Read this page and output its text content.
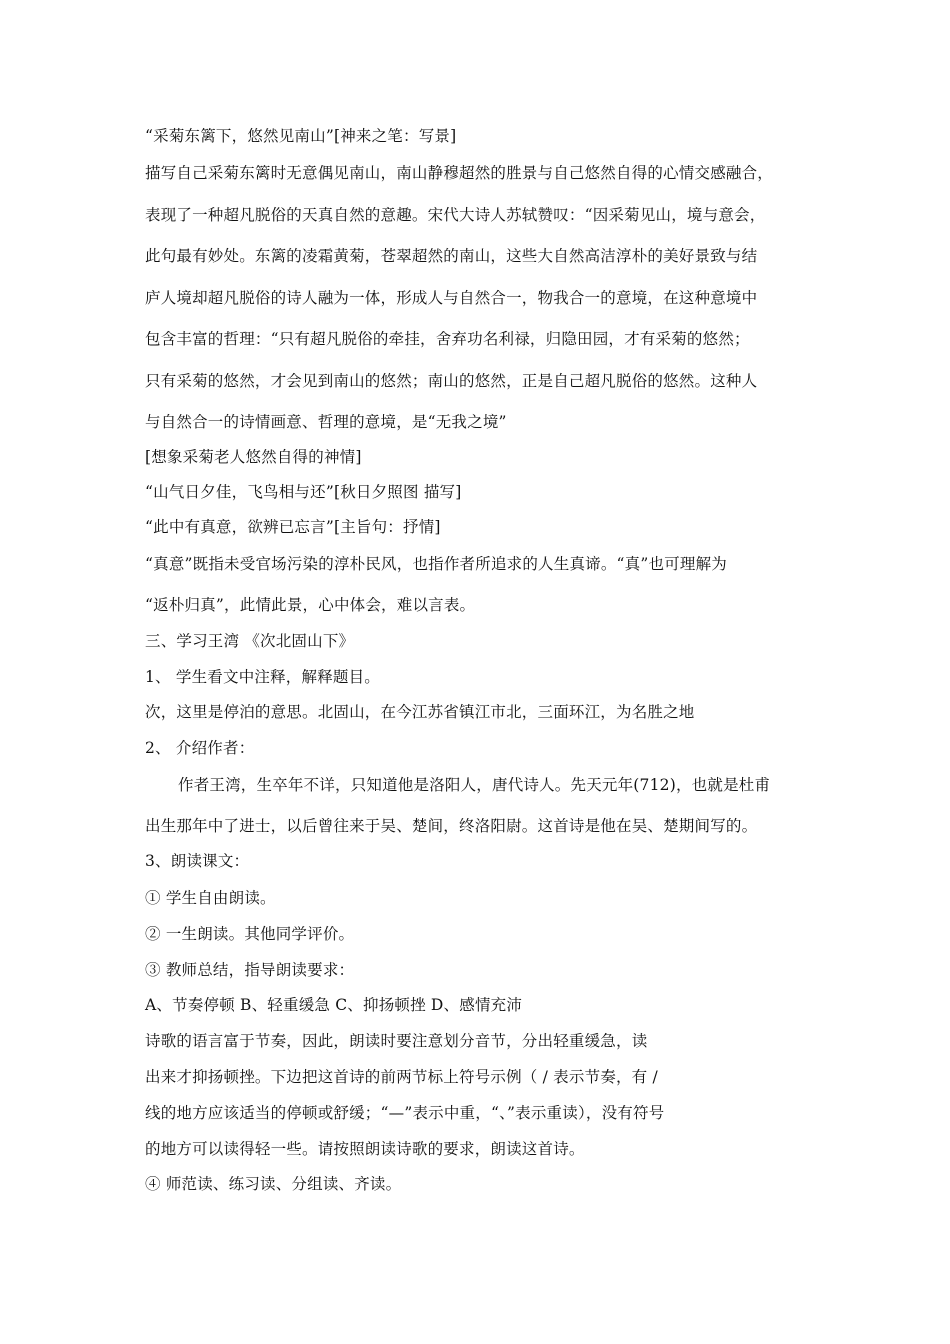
“采菊东篱下，悠然见南山”[神来之笔：写景]
描写自己采菊东篱时无意偶见南山，南山静穆超然的胜景与自己悠然自得的心情交感融合，
表现了一种超凡脱俗的天真自然的意趣。宋代大诗人苏轼赞叹：“因采菊见山，境与意会，
此句最有妙处。东篱的凌霜黄菊，苍翠超然的南山，这些大自然高洁淳朴的美好景致与结
庐人境却超凡脱俗的诗人融为一体，形成人与自然合一，物我合一的意境，在这种意境中
包含丰富的哲理：“只有超凡脱俗的牵挂，舍弃功名利禄，归隐田园，才有采菊的悠然；
只有采菊的悠然，才会见到南山的悠然；南山的悠然，正是自己超凡脱俗的悠然。这种人
与自然合一的诗情画意、哲理的意境，是“无我之境”
[想象采菊老人悠然自得的神情]
“山气日夕佳，飞鸟相与还”[秋日夕照图 描写]
“此中有真意，欲辨已忘言”[主旨句：抒情]
“真意”既指未受官场污染的淳朴民风，也指作者所追求的人生真谛。“真”也可理解为
“返朴归真”，此情此景，心中体会，难以言表。
三、学习王湾 《次北固山下》
1、 学生看文中注释，解释题目。
次，这里是停泊的意思。北固山，在今江苏省镇江市北，三面环江，为名胜之地
2、 介绍作者：
作者王湾，生卒年不详，只知道他是洛阳人，唐代诗人。先天元年(712)，也就是杜甫
出生那年中了进士，以后曾往来于吴、楚间，终洛阳尉。这首诗是他在吴、楚期间写的。
3、朗读课文：
① 学生自由朗读。
② 一生朗读。其他同学评价。
③ 教师总结，指导朗读要求：
A、节奏停顿 B、轻重缓急 C、抑扬顿挫 D、感情充沛
诗歌的语言富于节奏，因此，朗读时要注意划分音节，分出轻重缓急，读
出来才抑扬顿挫。下边把这首诗的前两节标上符号示例（ / 表示节奏，有 /
线的地方应该适当的停顿或舒缓；“—”表示中重，“、”表示重读），没有符号
的地方可以读得轻一些。请按照朗读诗歌的要求，朗读这首诗。
④ 师范读、练习读、分组读、齐读。
